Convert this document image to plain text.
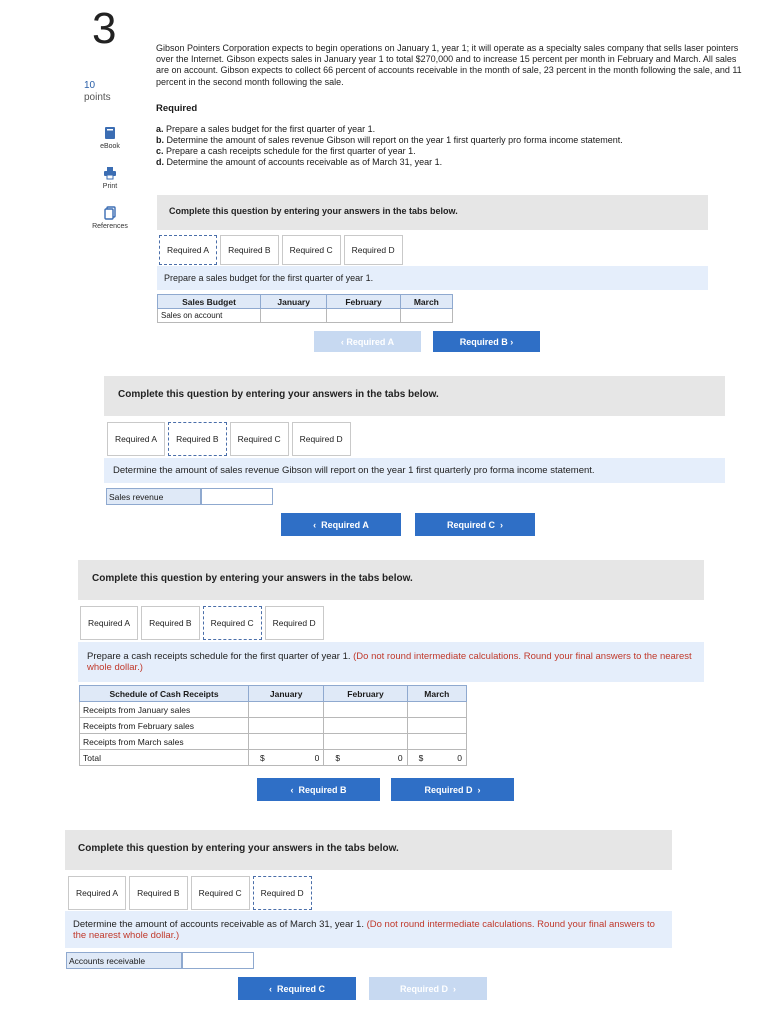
3
10
points
eBook
Print
References
Gibson Pointers Corporation expects to begin operations on January 1, year 1; it will operate as a specialty sales company that sells laser pointers over the Internet. Gibson expects sales in January year 1 to total $270,000 and to increase 15 percent per month in February and March. All sales are on account. Gibson expects to collect 66 percent of accounts receivable in the month of sale, 23 percent in the month following the sale, and 11 percent in the second month following the sale.
Required
a. Prepare a sales budget for the first quarter of year 1.
b. Determine the amount of sales revenue Gibson will report on the year 1 first quarterly pro forma income statement.
c. Prepare a cash receipts schedule for the first quarter of year 1.
d. Determine the amount of accounts receivable as of March 31, year 1.
Complete this question by entering your answers in the tabs below.
Required A	Required B	Required C	Required D
Prepare a sales budget for the first quarter of year 1.
Sales Budget	January	February	March
Sales on account			
‹ Required A	Required B ›
Complete this question by entering your answers in the tabs below.
Required A	Required B	Required C	Required D
Determine the amount of sales revenue Gibson will report on the year 1 first quarterly pro forma income statement.
Sales revenue
‹ Required A	Required C ›
Complete this question by entering your answers in the tabs below.
Required A	Required B	Required C	Required D
Prepare a cash receipts schedule for the first quarter of year 1. (Do not round intermediate calculations. Round your final answers to the nearest whole dollar.)
Schedule of Cash Receipts	January	February	March
Receipts from January sales			
Receipts from February sales			
Receipts from March sales			
Total	$ 0	$ 0	$ 0
‹ Required B	Required D ›
Complete this question by entering your answers in the tabs below.
Required A	Required B	Required C	Required D
Determine the amount of accounts receivable as of March 31, year 1. (Do not round intermediate calculations. Round your final answers to the nearest whole dollar.)
Accounts receivable
‹ Required C	Required D ›
